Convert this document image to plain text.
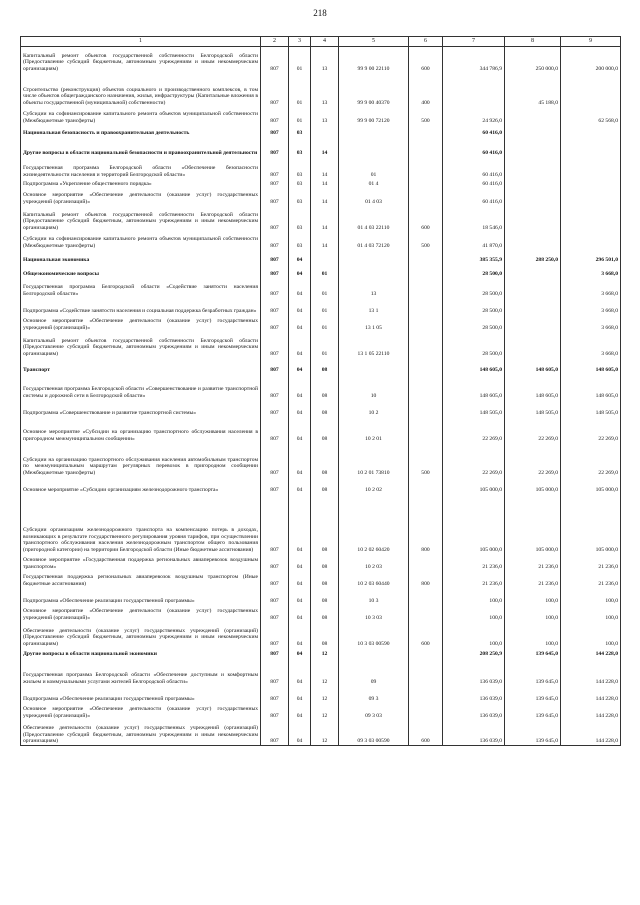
218
1	2	3	4	5	6	7	8	9
Капитальный ремонт объектов государственной собственности Белгородской области (Предоставление субсидий бюджетным, автономным учреждениям и иным некоммерческим организациям)	807	01	13	99 9 00 22110	600	344 786,9	250 000,0	200 000,0
Строительство (реконструкция) объектов социального и производственного комплексов, в том числе объектов общегражданского назначения, жилья, инфраструктуры (Капитальные вложения в объекты государственной (муниципальной) собственности)	807	01	13	99 9 00 40370	400		45 188,0	
Субсидии на софинансирование капитального ремонта объектов муниципальной собственности (Межбюджетные трансферты)	807	01	13	99 9 00 72120	500	24 926,0		62 568,0
Национальная безопасность и правоохранительная деятельность	807	03				60 416,0		
Другие вопросы в области национальной безопасности и правоохранительной деятельности	807	03	14			60 416,0		
Государственная программа Белгородской области «Обеспечение безопасности жизнедеятельности населения и территорий Белгородской области»	807	03	14	01		60 416,0		
Подпрограмма «Укрепление общественного порядка»	807	03	14	01 4		60 416,0		
Основное мероприятие «Обеспечение деятельности (оказание услуг) государственных учреждений (организаций)»	807	03	14	01 4 03		60 416,0		
Капитальный ремонт объектов государственной собственности Белгородской области (Предоставление субсидий бюджетным, автономным учреждениям и иным некоммерческим организациям)	807	03	14	01 4 03 22110	600	18 546,0		
Субсидии на софинансирование капитального ремонта объектов муниципальной собственности (Межбюджетные трансферты)	807	03	14	01 4 03 72120	500	41 870,0		
Национальная экономика	807	04				385 355,9	288 250,0	296 501,0
Общеэкономические вопросы	807	04	01			28 500,0		3 668,0
Государственная программа Белгородской области «Содействие занятости населения Белгородской области»	807	04	01	13		28 500,0		3 668,0
Подпрограмма «Содействие занятости населения и социальная поддержка безработных граждан»	807	04	01	13 1		28 500,0		3 668,0
Основное мероприятие «Обеспечение деятельности (оказание услуг) государственных учреждений (организаций)»	807	04	01	13 1 05		28 500,0		3 668,0
Капитальный ремонт объектов государственной собственности Белгородской области (Предоставление субсидий бюджетным, автономным учреждениям и иным некоммерческим организациям)	807	04	01	13 1 05 22110		28 500,0		3 668,0
Транспорт	807	04	08			148 605,0	148 605,0	148 605,0
Государственная программа Белгородской области «Совершенствование и развитие транспортной системы и дорожной сети в Белгородской области»	807	04	08	10		148 605,0	148 605,0	148 605,0
Подпрограмма «Совершенствование и развитие транспортной системы»	807	04	08	10 2		148 505,0	148 505,0	148 505,0
Основное мероприятие «Субсидии на организацию транспортного обслуживания населения в пригородном межмуниципальном сообщении»	807	04	08	10 2 01		22 269,0	22 269,0	22 269,0
Субсидии на организацию транспортного обслуживания населения автомобильным транспортом по межмуниципальным маршрутам регулярных перевозок в пригородном сообщении (Межбюджетные трансферты)	807	04	08	10 2 01 73810	500	22 269,0	22 269,0	22 269,0
Основное мероприятие «Субсидии организациям железнодорожного транспорта»	807	04	08	10 2 02		105 000,0	105 000,0	105 000,0
Субсидии организациям железнодорожного транспорта на компенсацию потерь в доходах, возникающих в результате государственного регулирования уровня тарифов, при осуществлении транспортного обслуживания населения железнодорожным транспортом общего пользования (пригородной категории) на территории Белгородской области (Иные бюджетные ассигнования)	807	04	08	10 2 02 60420	800	105 000,0	105 000,0	105 000,0
Основное мероприятие «Государственная поддержка региональных авиаперевозок воздушным транспортом»	807	04	08	10 2 03		21 236,0	21 236,0	21 236,0
Государственная поддержка региональных авиаперевозок воздушным транспортом (Иные бюджетные ассигнования)	807	04	08	10 2 03 60440	800	21 236,0	21 236,0	21 236,0
Подпрограмма «Обеспечение реализации государственной программы»	807	04	08	10 3		100,0	100,0	100,0
Основное мероприятие «Обеспечение деятельности (оказание услуг) государственных учреждений (организаций)»	807	04	08	10 3 03		100,0	100,0	100,0
Обеспечение деятельности (оказание услуг) государственных учреждений (организаций) (Предоставление субсидий бюджетным, автономным учреждениям и иным некоммерческим организациям)	807	04	08	10 3 03 00590	600	100,0	100,0	100,0
Другие вопросы в области национальной экономики	807	04	12			208 250,9	139 645,0	144 228,0
Государственная программа Белгородской области «Обеспечение доступным и комфортным жильем и коммунальными услугами жителей Белгородской области»	807	04	12	09		136 039,0	139 645,0	144 228,0
Подпрограмма «Обеспечение реализации государственной программы»	807	04	12	09 3		136 039,0	139 645,0	144 228,0
Основное мероприятие «Обеспечение деятельности (оказание услуг) государственных учреждений (организаций)»	807	04	12	09 3 03		136 039,0	139 645,0	144 228,0
Обеспечение деятельности (оказание услуг) государственных учреждений (организаций) (Предоставление субсидий бюджетным, автономным учреждениям и иным некоммерческим организациям)	807	04	12	09 3 03 00590	600	136 039,0	139 645,0	144 228,0
